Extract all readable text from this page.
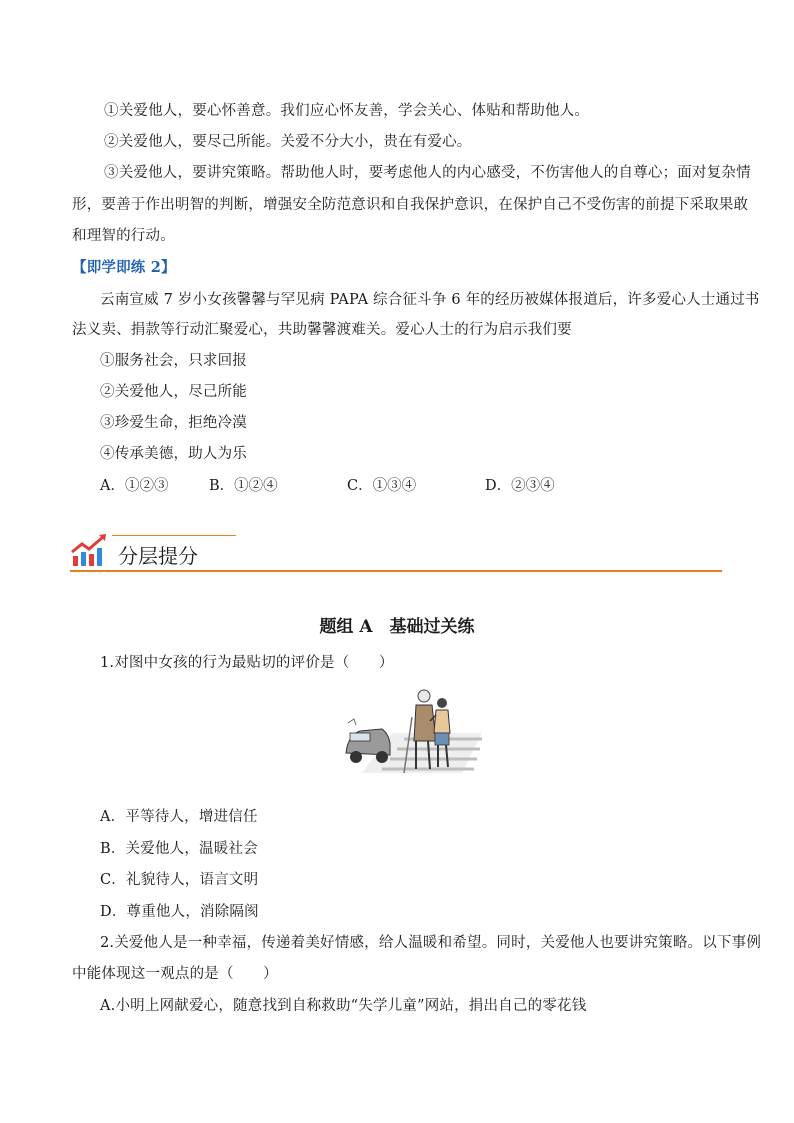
①关爱他人，要心怀善意。我们应心怀友善，学会关心、体贴和帮助他人。
②关爱他人，要尽己所能。关爱不分大小，贵在有爱心。
③关爱他人，要讲究策略。帮助他人时，要考虑他人的内心感受，不伤害他人的自尊心；面对复杂情
形，要善于作出明智的判断，增强安全防范意识和自我保护意识，在保护自己不受伤害的前提下采取果敢
和理智的行动。
【即学即练 2】
云南宣威 7 岁小女孩馨馨与罕见病 PAPA 综合征斗争 6 年的经历被媒体报道后，许多爱心人士通过书
法义卖、捐款等行动汇聚爱心，共助馨馨渡难关。爱心人士的行为启示我们要
①服务社会，只求回报
②关爱他人，尽己所能
③珍爱生命，拒绝冷漠
④传承美德，助人为乐
A．①②③	B．①②④	C．①③④	D．②③④
分层提分
题组 A　基础过关练
1.对图中女孩的行为最贴切的评价是（　　）
A．平等待人，增进信任
B．关爱他人，温暖社会
C．礼貌待人，语言文明
D．尊重他人，消除隔阂
2.关爱他人是一种幸福，传递着美好情感，给人温暖和希望。同时，关爱他人也要讲究策略。以下事例
中能体现这一观点的是（　　）
A.小明上网献爱心，随意找到自称救助“失学儿童”网站，捐出自己的零花钱
